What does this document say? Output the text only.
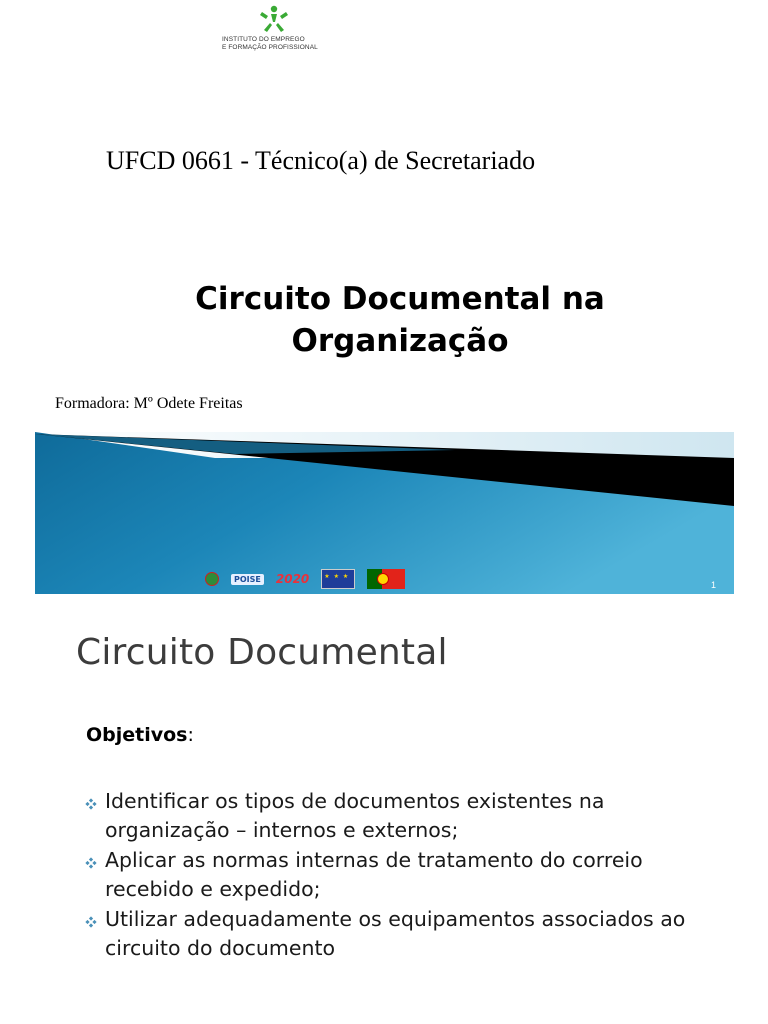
INSTITUTO DO EMPREGO
E FORMAÇÃO PROFISSIONAL
UFCD 0661 - Técnico(a) de Secretariado
Circuito Documental na
Organização
Formadora: Mº Odete Freitas
POISE 2020
★ ★ ★	1
Circuito Documental
Objetivos:
Identificar os tipos de documentos existentes na organização – internos e externos;
Aplicar as normas internas de tratamento do correio recebido e expedido;
Utilizar adequadamente os equipamentos associados ao circuito do documento
